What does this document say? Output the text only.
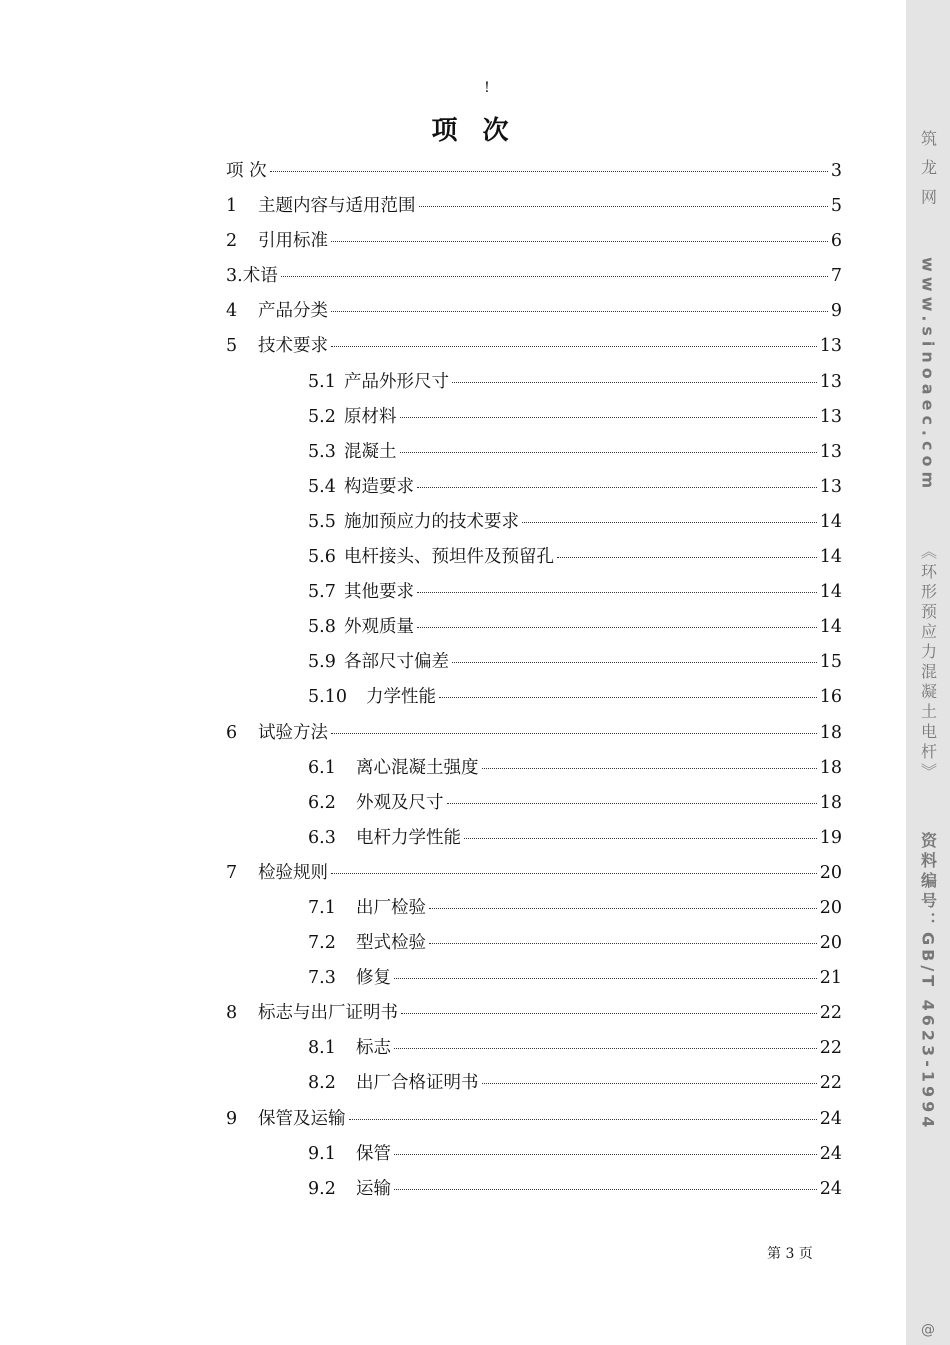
!
项 次
项 次	3
1	主题内容与适用范围	5
2	引用标准	6
3.术语	7
4	产品分类	9
5	技术要求	13
5.1 产品外形尺寸	13
5.2 原材料	13
5.3 混凝土	13
5.4 构造要求	13
5.5 施加预应力的技术要求	14
5.6 电杆接头、预坦件及预留孔	14
5.7 其他要求	14
5.8 外观质量	14
5.9 各部尺寸偏差	15
5.10	力学性能	16
6	试验方法	18
6.1	离心混凝土强度	18
6.2	外观及尺寸	18
6.3	电杆力学性能	19
7	检验规则	20
7.1	出厂检验	20
7.2	型式检验	20
7.3	修复	21
8	标志与出厂证明书	22
8.1	标志	22
8.2	出厂合格证明书	22
9	保管及运输	24
9.1	保管	24
9.2	运输	24
第 3 页
筑 龙 网 www.sinoaec.com 《环形预应力混凝土电杆》 资料编号：GB/T 4623-1994
@
